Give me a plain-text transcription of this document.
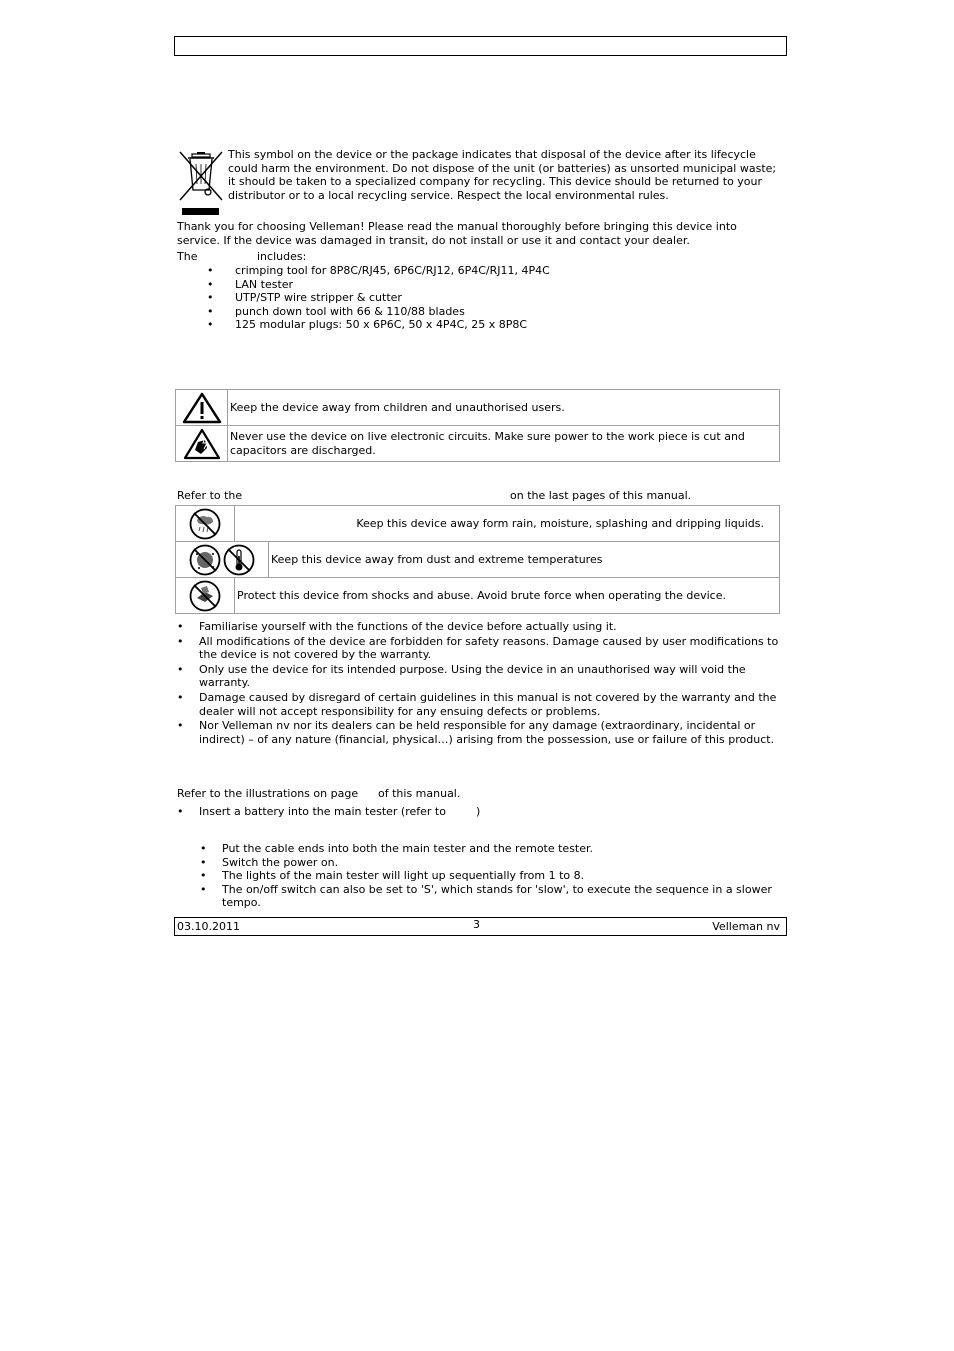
This symbol on the device or the package indicates that disposal of the device after its lifecycle could harm the environment. Do not dispose of the unit (or batteries) as unsorted municipal waste; it should be taken to a specialized company for recycling. This device should be returned to your distributor or to a local recycling service. Respect the local environmental rules.
Thank you for choosing Velleman! Please read the manual thoroughly before bringing this device into service. If the device was damaged in transit, do not install or use it and contact your dealer.
The	includes:
• crimping tool for 8P8C/RJ45, 6P6C/RJ12, 6P4C/RJ11, 4P4C
• LAN tester
• UTP/STP wire stripper & cutter
• punch down tool with 66 & 110/88 blades
• 125 modular plugs: 50 x 6P6C, 50 x 4P4C, 25 x 8P8C
Keep the device away from children and unauthorised users.
Never use the device on live electronic circuits. Make sure power to the work piece is cut and capacitors are discharged.
Refer to the	on the last pages of this manual.
Keep this device away form rain, moisture, splashing and dripping liquids.
Keep this device away from dust and extreme temperatures
Protect this device from shocks and abuse. Avoid brute force when operating the device.
• Familiarise yourself with the functions of the device before actually using it.
• All modifications of the device are forbidden for safety reasons. Damage caused by user modifications to the device is not covered by the warranty.
• Only use the device for its intended purpose. Using the device in an unauthorised way will void the warranty.
• Damage caused by disregard of certain guidelines in this manual is not covered by the warranty and the dealer will not accept responsibility for any ensuing defects or problems.
• Nor Velleman nv nor its dealers can be held responsible for any damage (extraordinary, incidental or indirect) – of any nature (financial, physical…) arising from the possession, use or failure of this product.
Refer to the illustrations on page of this manual.
•	Insert a battery into the main tester (refer to	)
• Put the cable ends into both the main tester and the remote tester.
• Switch the power on.
• The lights of the main tester will light up sequentially from 1 to 8.
• The on/off switch can also be set to 'S', which stands for 'slow', to execute the sequence in a slower tempo.
03.10.2011	3	Velleman nv
